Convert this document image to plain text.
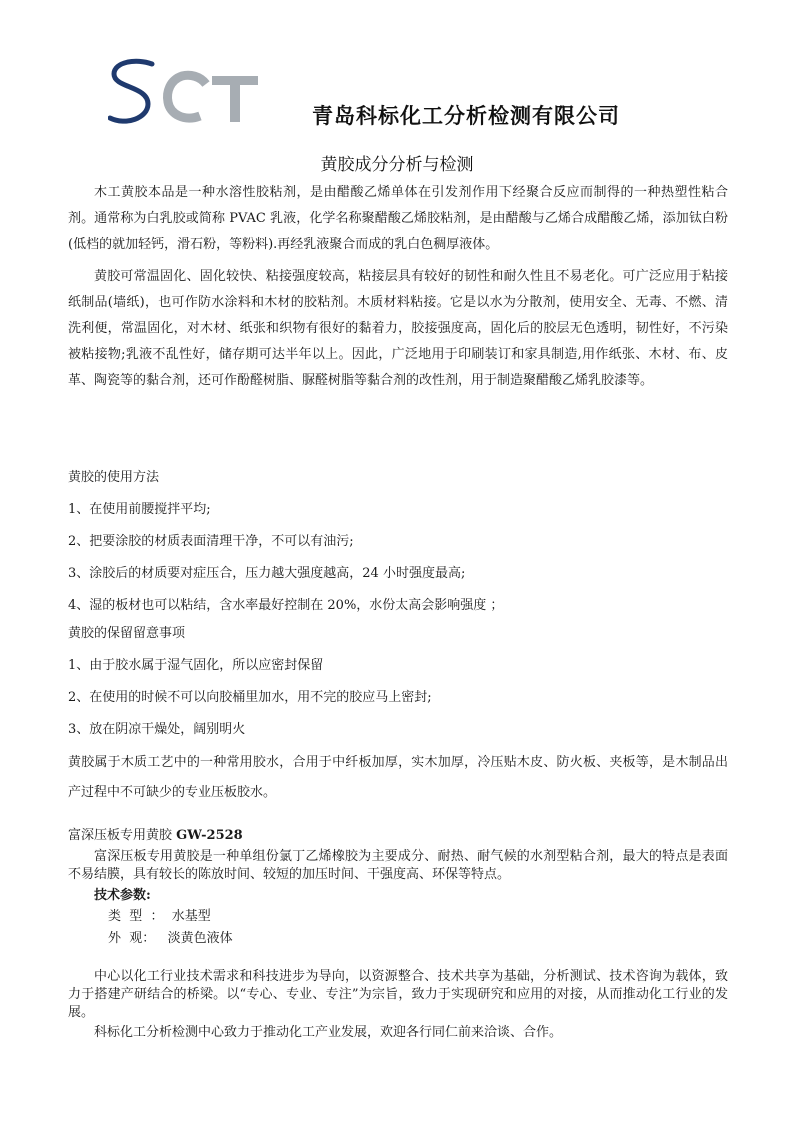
青岛科标化工分析检测有限公司
黄胶成分分析与检测

木工黄胶本品是一种水溶性胶粘剂，是由醋酸乙烯单体在引发剂作用下经聚合反应而制得的一种热塑性粘合剂。通常称为白乳胶或简称 PVAC 乳液，化学名称聚醋酸乙烯胶粘剂，是由醋酸与乙烯合成醋酸乙烯，添加钛白粉(低档的就加轻钙，滑石粉，等粉料).再经乳液聚合而成的乳白色稠厚液体。

黄胶可常温固化、固化较快、粘接强度较高，粘接层具有较好的韧性和耐久性且不易老化。可广泛应用于粘接纸制品(墙纸)，也可作防水涂料和木材的胶粘剂。木质材料粘接。它是以水为分散剂，使用安全、无毒、不燃、清洗利便，常温固化，对木材、纸张和织物有很好的黏着力，胶接强度高，固化后的胶层无色透明，韧性好，不污染被粘接物;乳液不乱性好，储存期可达半年以上。因此，广泛地用于印刷装订和家具制造,用作纸张、木材、布、皮革、陶瓷等的黏合剂，还可作酚醛树脂、脲醛树脂等黏合剂的改性剂，用于制造聚醋酸乙烯乳胶漆等。

黄胶的使用方法

1、在使用前腰搅拌平均;

2、把要涂胶的材质表面清理干净，不可以有油污;

3、涂胶后的材质要对症压合，压力越大强度越高，24 小时强度最高;

4、湿的板材也可以粘结，含水率最好控制在 20%，水份太高会影响强度 ；

黄胶的保留留意事项

1、由于胶水属于湿气固化，所以应密封保留

2、在使用的时候不可以向胶桶里加水，用不完的胶应马上密封;

3、放在阴凉干燥处，阔别明火

黄胶属于木质工艺中的一种常用胶水，合用于中纤板加厚，实木加厚，冷压贴木皮、防火板、夹板等，是木制品出产过程中不可缺少的专业压板胶水。

富深压板专用黄胶 GW-2528

富深压板专用黄胶是一种单组份氯丁乙烯橡胶为主要成分、耐热、耐气候的水剂型粘合剂，最大的特点是表面不易结膜，具有较长的陈放时间、较短的加压时间、干强度高、环保等特点。

技术参数:

类  型  ：  水基型

外  观：   淡黄色液体

中心以化工行业技术需求和科技进步为导向，以资源整合、技术共享为基础，分析测试、技术咨询为载体，致力于搭建产研结合的桥梁。以“专心、专业、专注”为宗旨，致力于实现研究和应用的对接，从而推动化工行业的发展。

科标化工分析检测中心致力于推动化工产业发展，欢迎各行同仁前来洽谈、合作。
